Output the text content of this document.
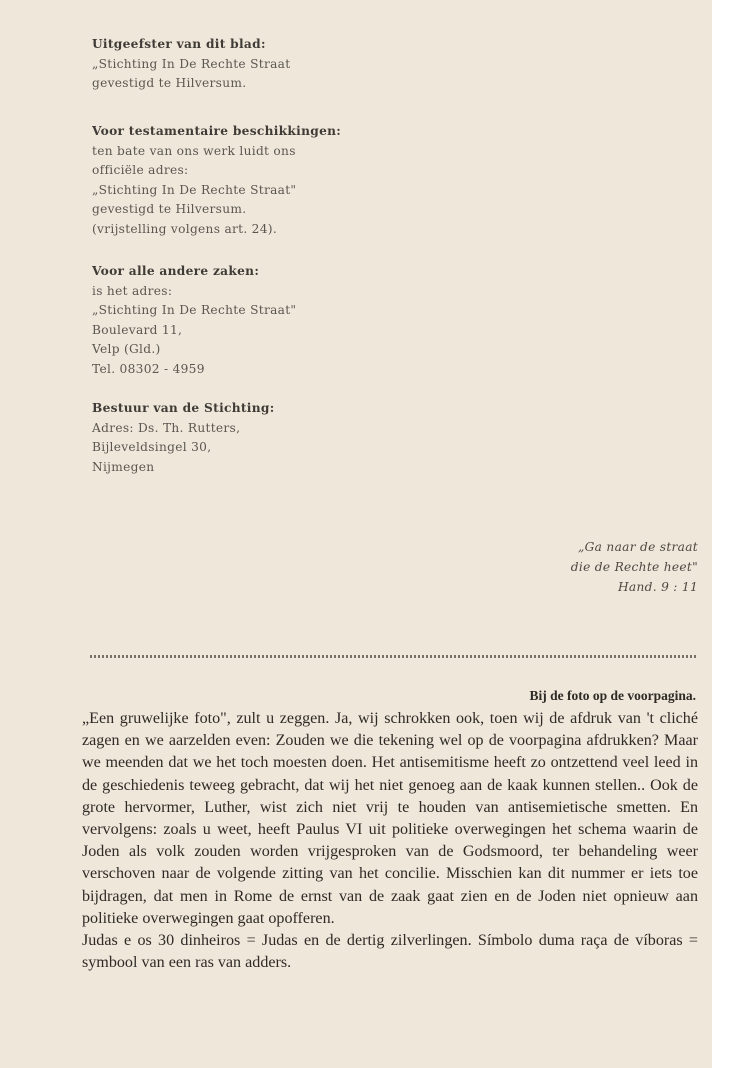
Uitgeefster van dit blad:
„Stichting In De Rechte Straat
gevestigd te Hilversum.
Voor testamentaire beschikkingen:
ten bate van ons werk luidt ons
officiële adres:
„Stichting In De Rechte Straat"
gevestigd te Hilversum.
(vrijstelling volgens art. 24).
Voor alle andere zaken:
is het adres:
„Stichting In De Rechte Straat"
Boulevard 11,
Velp (Gld.)
Tel. 08302 - 4959
Bestuur van de Stichting:
Adres: Ds. Th. Rutters,
Bijleveldsingel 30,
Nijmegen
„Ga naar de straat
die de Rechte heet"
Hand. 9 : 11
Bij de foto op de voorpagina.

„Een gruwelijke foto", zult u zeggen. Ja, wij schrokken ook, toen wij de afdruk van 't cliché zagen en we aarzelden even: Zouden we die tekening wel op de voorpagina afdrukken? Maar we meenden dat we het toch moesten doen. Het antisemitisme heeft zo ontzettend veel leed in de geschiedenis teweeg gebracht, dat wij het niet genoeg aan de kaak kunnen stellen.. Ook de grote hervormer, Luther, wist zich niet vrij te houden van antisemietische smetten. En vervolgens: zoals u weet, heeft Paulus VI uit politieke overwegingen het schema waarin de Joden als volk zouden worden vrijgesproken van de Godsmoord, ter behandeling weer verschoven naar de volgende zitting van het concilie. Misschien kan dit nummer er iets toe bijdragen, dat men in Rome de ernst van de zaak gaat zien en de Joden niet opnieuw aan politieke overwegingen gaat opofferen.

Judas e os 30 dinheiros = Judas en de dertig zilverlingen. Símbolo duma raça de víboras = symbool van een ras van adders.
